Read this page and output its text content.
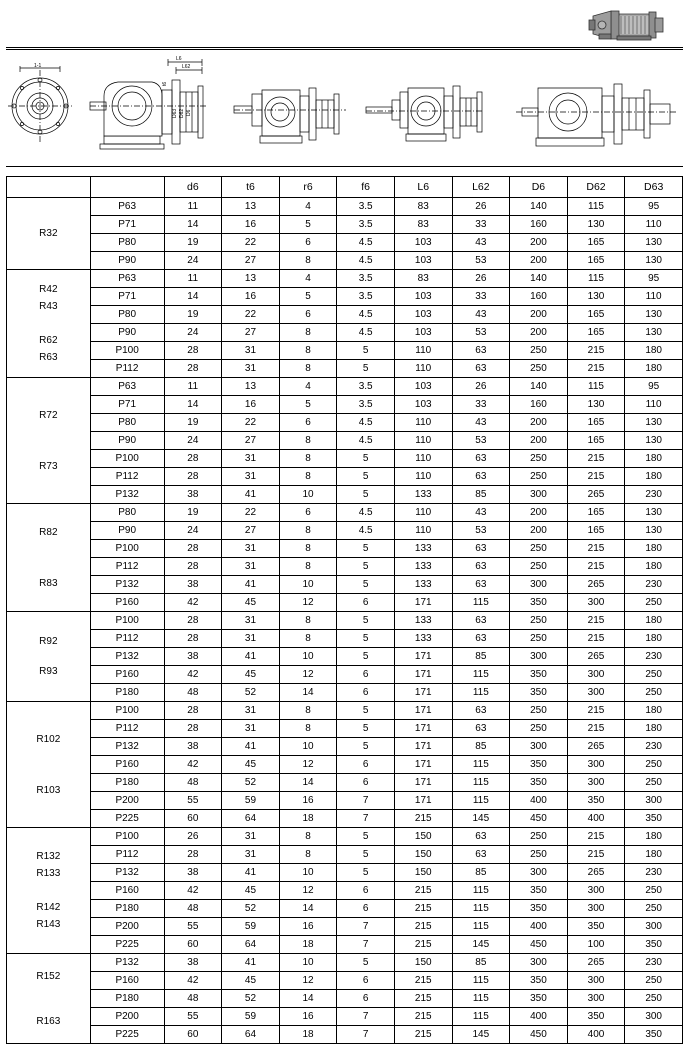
1-1
L6
L62
t6
D63 D62 D6
		d6	t6	r6	f6	L6	L62	D6	D62	D63

R32	P63	11	13	4	3.5	83	26	140	115	95
	P71	14	16	5	3.5	83	33	160	130	110
	P80	19	22	6	4.5	103	43	200	165	130
	P90	24	27	8	4.5	103	53	200	165	130

R42
R43

R62
R63	P63	11	13	4	3.5	83	26	140	115	95
	P71	14	16	5	3.5	103	33	160	130	110
	P80	19	22	6	4.5	103	43	200	165	130
	P90	24	27	8	4.5	103	53	200	165	130
	P100	28	31	8	5	110	63	250	215	180
	P112	28	31	8	5	110	63	250	215	180

R72

R73	P63	11	13	4	3.5	103	26	140	115	95
	P71	14	16	5	3.5	103	33	160	130	110
	P80	19	22	6	4.5	110	43	200	165	130
	P90	24	27	8	4.5	110	53	200	165	130
	P100	28	31	8	5	110	63	250	215	180
	P112	28	31	8	5	110	63	250	215	180
	P132	38	41	10	5	133	85	300	265	230

R82

R83	P80	19	22	6	4.5	110	43	200	165	130
	P90	24	27	8	4.5	110	53	200	165	130
	P100	28	31	8	5	133	63	250	215	180
	P112	28	31	8	5	133	63	250	215	180
	P132	38	41	10	5	133	63	300	265	230
	P160	42	45	12	6	171	115	350	300	250

R92

R93	P100	28	31	8	5	133	63	250	215	180
	P112	28	31	8	5	133	63	250	215	180
	P132	38	41	10	5	171	85	300	265	230
	P160	42	45	12	6	171	115	350	300	250
	P180	48	52	14	6	171	115	350	300	250

R102

R103	P100	28	31	8	5	171	63	250	215	180
	P112	28	31	8	5	171	63	250	215	180
	P132	38	41	10	5	171	85	300	265	230
	P160	42	45	12	6	171	115	350	300	250
	P180	48	52	14	6	171	115	350	300	250
	P200	55	59	16	7	171	115	400	350	300
	P225	60	64	18	7	215	145	450	400	350

R132
R133

R142
R143	P100	26	31	8	5	150	63	250	215	180
	P112	28	31	8	5	150	63	250	215	180
	P132	38	41	10	5	150	85	300	265	230
	P160	42	45	12	6	215	115	350	300	250
	P180	48	52	14	6	215	115	350	300	250
	P200	55	59	16	7	215	115	400	350	300
	P225	60	64	18	7	215	145	450	100	350

R152

R163	P132	38	41	10	5	150	85	300	265	230
	P160	42	45	12	6	215	115	350	300	250
	P180	48	52	14	6	215	115	350	300	250
	P200	55	59	16	7	215	115	400	350	300
	P225	60	64	18	7	215	145	450	400	350
